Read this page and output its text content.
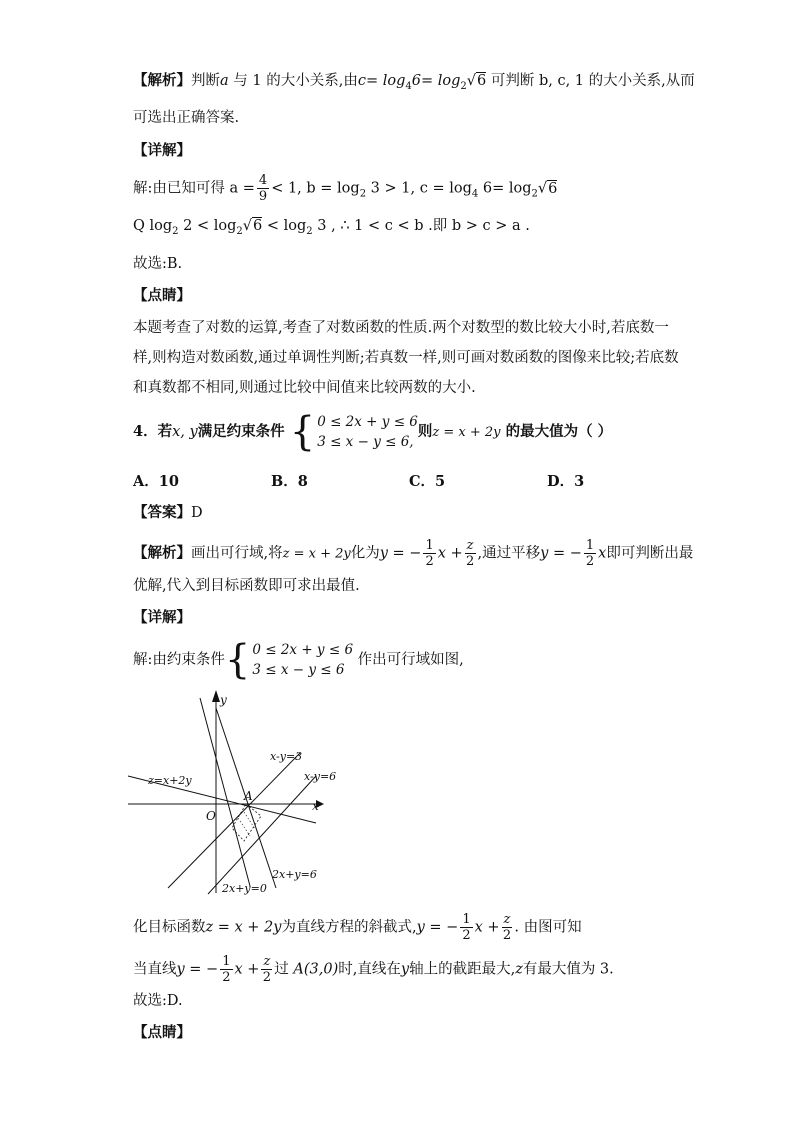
【解析】判断a 与 1 的大小关系,由$c= \log_46= \log_2√6$ 可判断 b, c, 1 的大小关系,从而
可选出正确答案.
【详解】
解:由已知可得 $a = \frac{4}{9} < 1$, $b = \log_2 3 > 1$, $c = \log_4 6= \log_2√6$
Q $\log_2 2 < \log_2√6 < \log_2 3$ , ∴ 1 < c < b .即 b > c > a .
故选:B.
【点睛】
本题考查了对数的运算,考查了对数函数的性质.两个对数型的数比较大小时,若底数一
样,则构造对数函数,通过单调性判断;若真数一样,则可画对数函数的图像来比较;若底数
和真数都不相同,则通过比较中间值来比较两数的大小.
4．若x, y满足约束条件 { 0 ≤ 2x + y ≤ 6
3 ≤ x − y ≤ 6,
则z = x + 2y 的最大值为（ ）
A．10	B．8	C．5	D．3
【答案】D
【解析】画出可行域,将z = x + 2y化为y = − $\frac{1}{2}$ $x + \frac{z}{2}$ ,通过平移y = − $\frac{1}{2}$ x即可判断出最
优解,代入到目标函数即可求出最值.
【详解】
解:由约束条件 { 0 ≤ 2x + y ≤ 6
3 ≤ x − y ≤ 6
作出可行域如图,
y
x
O
A
x-y=3
x-y=6
z=x+2y
2x+y=6
2x+y=0
化目标函数z = x + 2y为直线方程的斜截式,y = − $\frac{1}{2}$ $x + \frac{z}{2}$ . 由图可知
当直线y = − $\frac{1}{2}$ $x + \frac{z}{2}$ 过 A(3,0)时,直线在y轴上的截距最大,z有最大值为 3.
故选:D.
【点睛】
